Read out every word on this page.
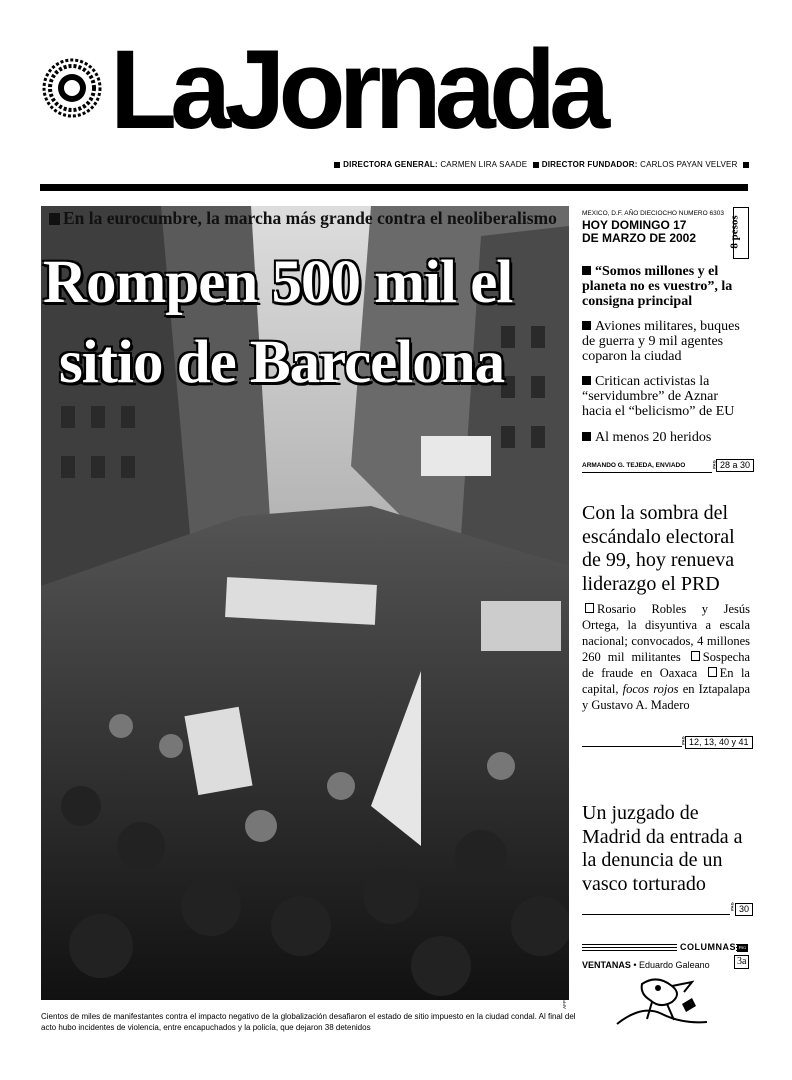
LaJornada
DIRECTORA GENERAL: CARMEN LIRA SAADE DIRECTOR FUNDADOR: CARLOS PAYAN VELVER
En la eurocumbre, la marcha más grande contra el neoliberalismo
Rompen 500 mil el
sitio de Barcelona
AFP
Cientos de miles de manifestantes contra el impacto negativo de la globalización desafiaron el estado de sitio impuesto en la ciudad condal. Al final del acto hubo incidentes de violencia, entre encapuchados y la policía, que dejaron 38 detenidos
MEXICO, D.F. AÑO DIECIOCHO NUMERO 6303
HOY DOMINGO 17
DE MARZO DE 2002	8 pesos
“Somos millones y el planeta no es vuestro”, la consigna principal
Aviones militares, buques de guerra y 9 mil agentes coparon la ciudad
Critican activistas la “servidumbre” de Aznar hacia el “belicismo” de EU
Al menos 20 heridos
ARMANDO G. TEJEDA, ENVIADO	PAG 28 a 30
Con la sombra del escándalo electoral de 99, hoy renueva liderazgo el PRD
Rosario Robles y Jesús Ortega, la disyuntiva a escala nacional; convocados, 4 millones 260 mil militantes Sospecha de fraude en Oaxaca En la capital, focos rojos en Iztapalapa y Gustavo A. Madero
PAG 12, 13, 40 y 41
Un juzgado de Madrid da entrada a la denuncia de un vasco torturado
PAG 30
COLUMNAS PAG
VENTANAS • Eduardo Galeano	3a
